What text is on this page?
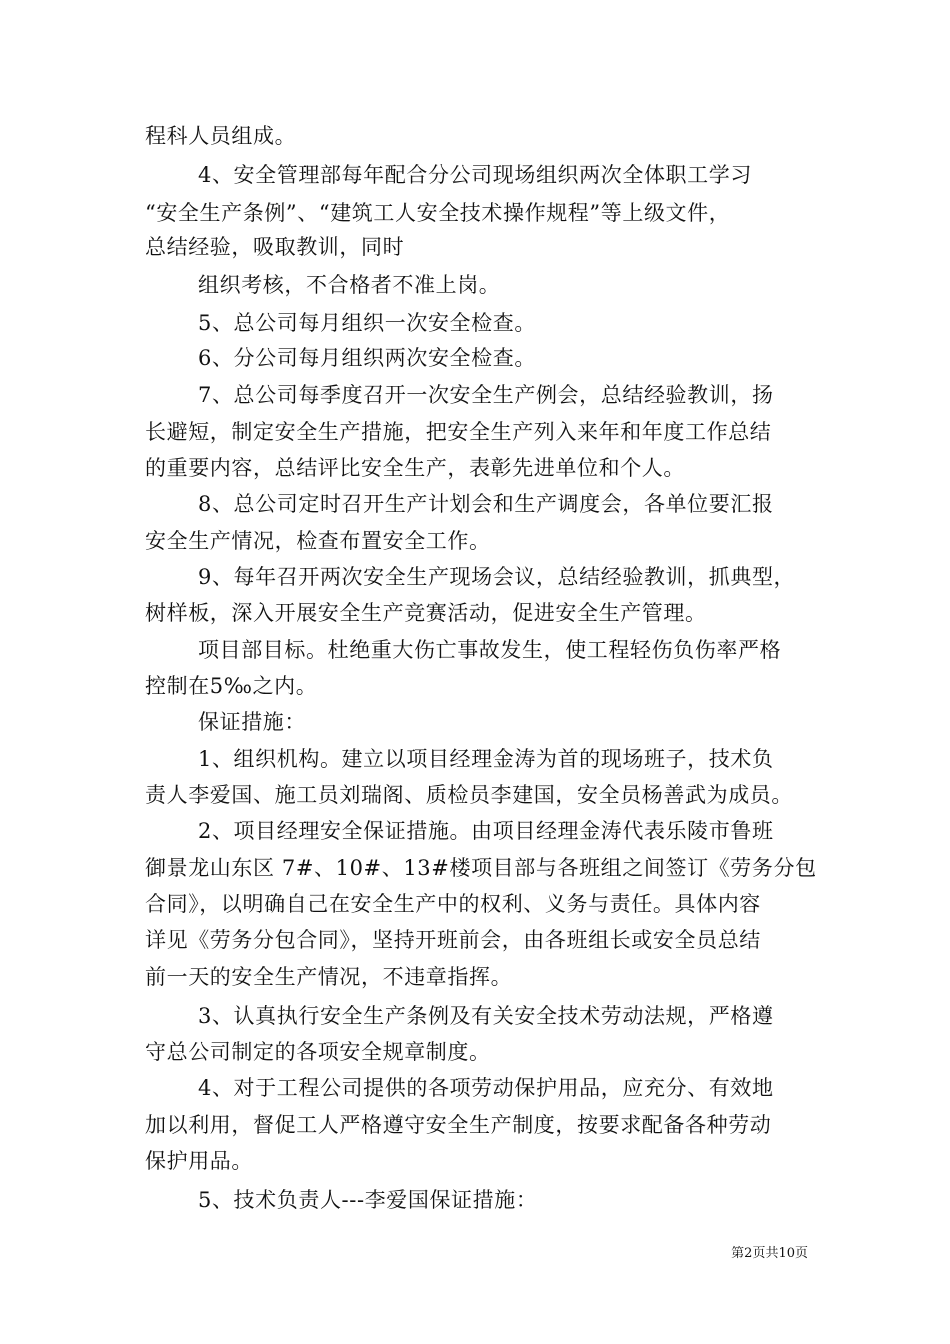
程科人员组成。
4、安全管理部每年配合分公司现场组织两次全体职工学习
“安全生产条例”、“建筑工人安全技术操作规程”等上级文件，
总结经验，吸取教训，同时
组织考核，不合格者不准上岗。
5、总公司每月组织一次安全检查。
6、分公司每月组织两次安全检查。
7、总公司每季度召开一次安全生产例会，总结经验教训，扬
长避短，制定安全生产措施，把安全生产列入来年和年度工作总结
的重要内容，总结评比安全生产，表彰先进单位和个人。
8、总公司定时召开生产计划会和生产调度会，各单位要汇报
安全生产情况，检查布置安全工作。
9、每年召开两次安全生产现场会议，总结经验教训，抓典型，
树样板，深入开展安全生产竞赛活动，促进安全生产管理。
项目部目标。杜绝重大伤亡事故发生，使工程轻伤负伤率严格
控制在5‰之内。
保证措施：
1、组织机构。建立以项目经理金涛为首的现场班子，技术负
责人李爱国、施工员刘瑞阁、质检员李建国，安全员杨善武为成员。
2、项目经理安全保证措施。由项目经理金涛代表乐陵市鲁班
御景龙山东区 7#、10#、13#楼项目部与各班组之间签订《劳务分包
合同》，以明确自己在安全生产中的权利、义务与责任。具体内容
详见《劳务分包合同》，坚持开班前会，由各班组长或安全员总结
前一天的安全生产情况，不违章指挥。
3、认真执行安全生产条例及有关安全技术劳动法规，严格遵
守总公司制定的各项安全规章制度。
4、对于工程公司提供的各项劳动保护用品，应充分、有效地
加以利用，督促工人严格遵守安全生产制度，按要求配备各种劳动
保护用品。
5、技术负责人---李爱国保证措施：
第2页共10页
